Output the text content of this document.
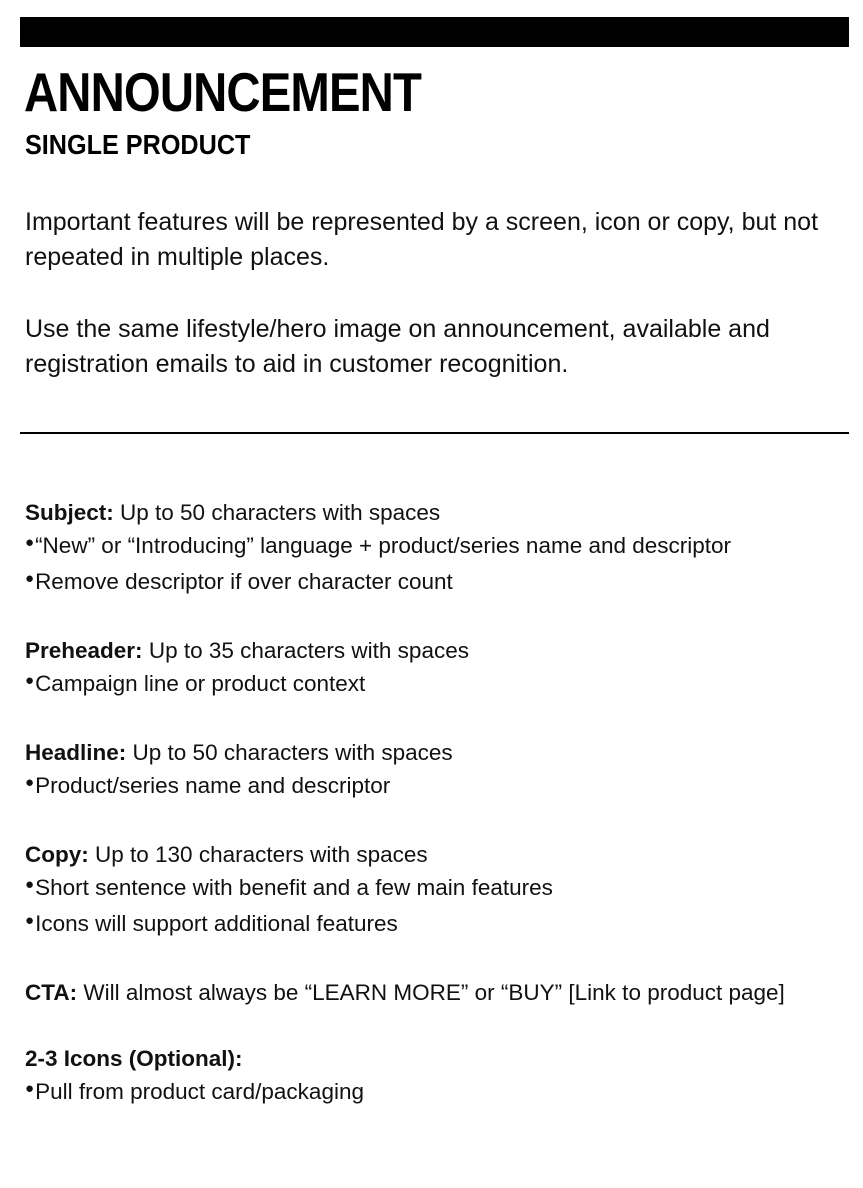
ANNOUNCEMENT
SINGLE PRODUCT

Important features will be represented by a screen, icon or copy, but not repeated in multiple places.

Use the same lifestyle/hero image on announcement, available and registration emails to aid in customer recognition.

Subject: Up to 50 characters with spaces
●“New” or “Introducing” language + product/series name and descriptor
●Remove descriptor if over character count
Preheader: Up to 35 characters with spaces
●Campaign line or product context
Headline: Up to 50 characters with spaces
●Product/series name and descriptor
Copy: Up to 130 characters with spaces
●Short sentence with benefit and a few main features
●Icons will support additional features
CTA: Will almost always be “LEARN MORE” or “BUY” [Link to product page]
2-3 Icons (Optional):
●Pull from product card/packaging
